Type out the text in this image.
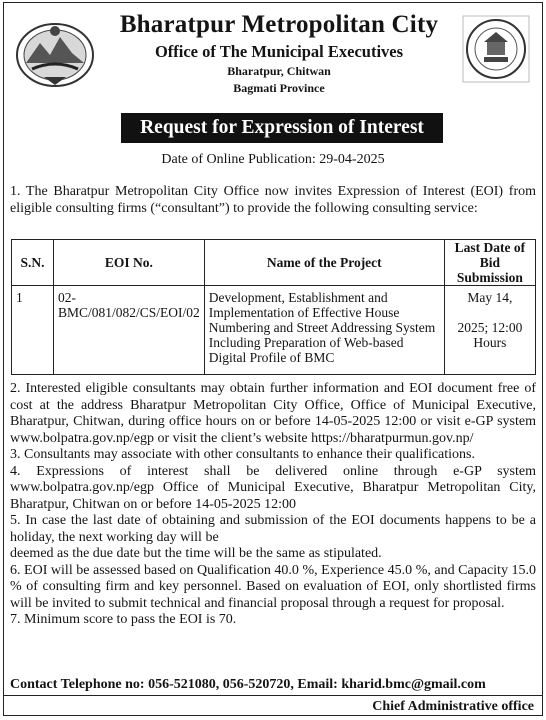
Bharatpur Metropolitan City
Office of The Municipal Executives
Bharatpur, Chitwan
Bagmati Province
Request for Expression of Interest
Date of Online Publication: 29-04-2025
1. The Bharatpur Metropolitan City Office now invites Expression of Interest (EOI) from eligible consulting firms (“consultant”) to provide the following consulting service:
S.N.	EOI No.	Name of the Project	Last Date of Bid Submission
1	02-BMC/081/082/CS/EOI/02	Development, Establishment and Implementation of Effective House Numbering and Street Addressing System Including Preparation of Web-based Digital Profile of BMC	May 14,
2025; 12:00 Hours

2. Interested eligible consultants may obtain further information and EOI document free of cost at the address Bharatpur Metropolitan City Office, Office of Municipal Executive, Bharatpur, Chitwan, during office hours on or before 14-05-2025 12:00 or visit e-GP system www.bolpatra.gov.np/egp or visit the client’s website https://bharatpurmun.gov.np/

3. Consultants may associate with other consultants to enhance their qualifications.

4. Expressions of interest shall be delivered online through e-GP system www.bolpatra.gov.np/egp Office of Municipal Executive, Bharatpur Metropolitan City, Bharatpur, Chitwan on or before 14-05-2025 12:00

5. In case the last date of obtaining and submission of the EOI documents happens to be a holiday, the next working day will be

deemed as the due date but the time will be the same as stipulated.

6. EOI will be assessed based on Qualification 40.0 %, Experience 45.0 %, and Capacity 15.0 % of consulting firm and key personnel. Based on evaluation of EOI, only shortlisted firms will be invited to submit technical and financial proposal through a request for proposal.

7. Minimum score to pass the EOI is 70.

Contact Telephone no: 056-521080, 056-520720, Email: kharid.bmc@gmail.com
Chief Administrative office
